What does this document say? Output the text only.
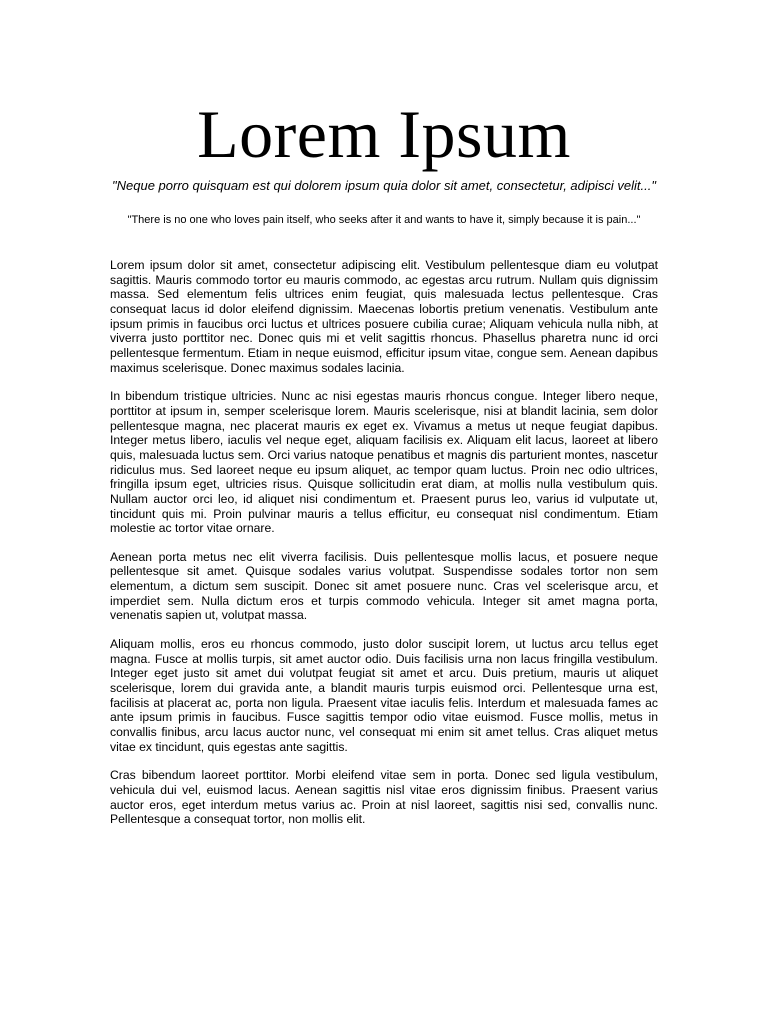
Lorem Ipsum

"Neque porro quisquam est qui dolorem ipsum quia dolor sit amet, consectetur, adipisci velit..."

"There is no one who loves pain itself, who seeks after it and wants to have it, simply because it is pain..."

Lorem ipsum dolor sit amet, consectetur adipiscing elit. Vestibulum pellentesque diam eu volutpat sagittis. Mauris commodo tortor eu mauris commodo, ac egestas arcu rutrum. Nullam quis dignissim massa. Sed elementum felis ultrices enim feugiat, quis malesuada lectus pellentesque. Cras consequat lacus id dolor eleifend dignissim. Maecenas lobortis pretium venenatis. Vestibulum ante ipsum primis in faucibus orci luctus et ultrices posuere cubilia curae; Aliquam vehicula nulla nibh, at viverra justo porttitor nec. Donec quis mi et velit sagittis rhoncus. Phasellus pharetra nunc id orci pellentesque fermentum. Etiam in neque euismod, efficitur ipsum vitae, congue sem. Aenean dapibus maximus scelerisque. Donec maximus sodales lacinia.

In bibendum tristique ultricies. Nunc ac nisi egestas mauris rhoncus congue. Integer libero neque, porttitor at ipsum in, semper scelerisque lorem. Mauris scelerisque, nisi at blandit lacinia, sem dolor pellentesque magna, nec placerat mauris ex eget ex. Vivamus a metus ut neque feugiat dapibus. Integer metus libero, iaculis vel neque eget, aliquam facilisis ex. Aliquam elit lacus, laoreet at libero quis, malesuada luctus sem. Orci varius natoque penatibus et magnis dis parturient montes, nascetur ridiculus mus. Sed laoreet neque eu ipsum aliquet, ac tempor quam luctus. Proin nec odio ultrices, fringilla ipsum eget, ultricies risus. Quisque sollicitudin erat diam, at mollis nulla vestibulum quis. Nullam auctor orci leo, id aliquet nisi condimentum et. Praesent purus leo, varius id vulputate ut, tincidunt quis mi. Proin pulvinar mauris a tellus efficitur, eu consequat nisl condimentum. Etiam molestie ac tortor vitae ornare.

Aenean porta metus nec elit viverra facilisis. Duis pellentesque mollis lacus, et posuere neque pellentesque sit amet. Quisque sodales varius volutpat. Suspendisse sodales tortor non sem elementum, a dictum sem suscipit. Donec sit amet posuere nunc. Cras vel scelerisque arcu, et imperdiet sem. Nulla dictum eros et turpis commodo vehicula. Integer sit amet magna porta, venenatis sapien ut, volutpat massa.

Aliquam mollis, eros eu rhoncus commodo, justo dolor suscipit lorem, ut luctus arcu tellus eget magna. Fusce at mollis turpis, sit amet auctor odio. Duis facilisis urna non lacus fringilla vestibulum. Integer eget justo sit amet dui volutpat feugiat sit amet et arcu. Duis pretium, mauris ut aliquet scelerisque, lorem dui gravida ante, a blandit mauris turpis euismod orci. Pellentesque urna est, facilisis at placerat ac, porta non ligula. Praesent vitae iaculis felis. Interdum et malesuada fames ac ante ipsum primis in faucibus. Fusce sagittis tempor odio vitae euismod. Fusce mollis, metus in convallis finibus, arcu lacus auctor nunc, vel consequat mi enim sit amet tellus. Cras aliquet metus vitae ex tincidunt, quis egestas ante sagittis.

Cras bibendum laoreet porttitor. Morbi eleifend vitae sem in porta. Donec sed ligula vestibulum, vehicula dui vel, euismod lacus. Aenean sagittis nisl vitae eros dignissim finibus. Praesent varius auctor eros, eget interdum metus varius ac. Proin at nisl laoreet, sagittis nisi sed, convallis nunc. Pellentesque a consequat tortor, non mollis elit.
